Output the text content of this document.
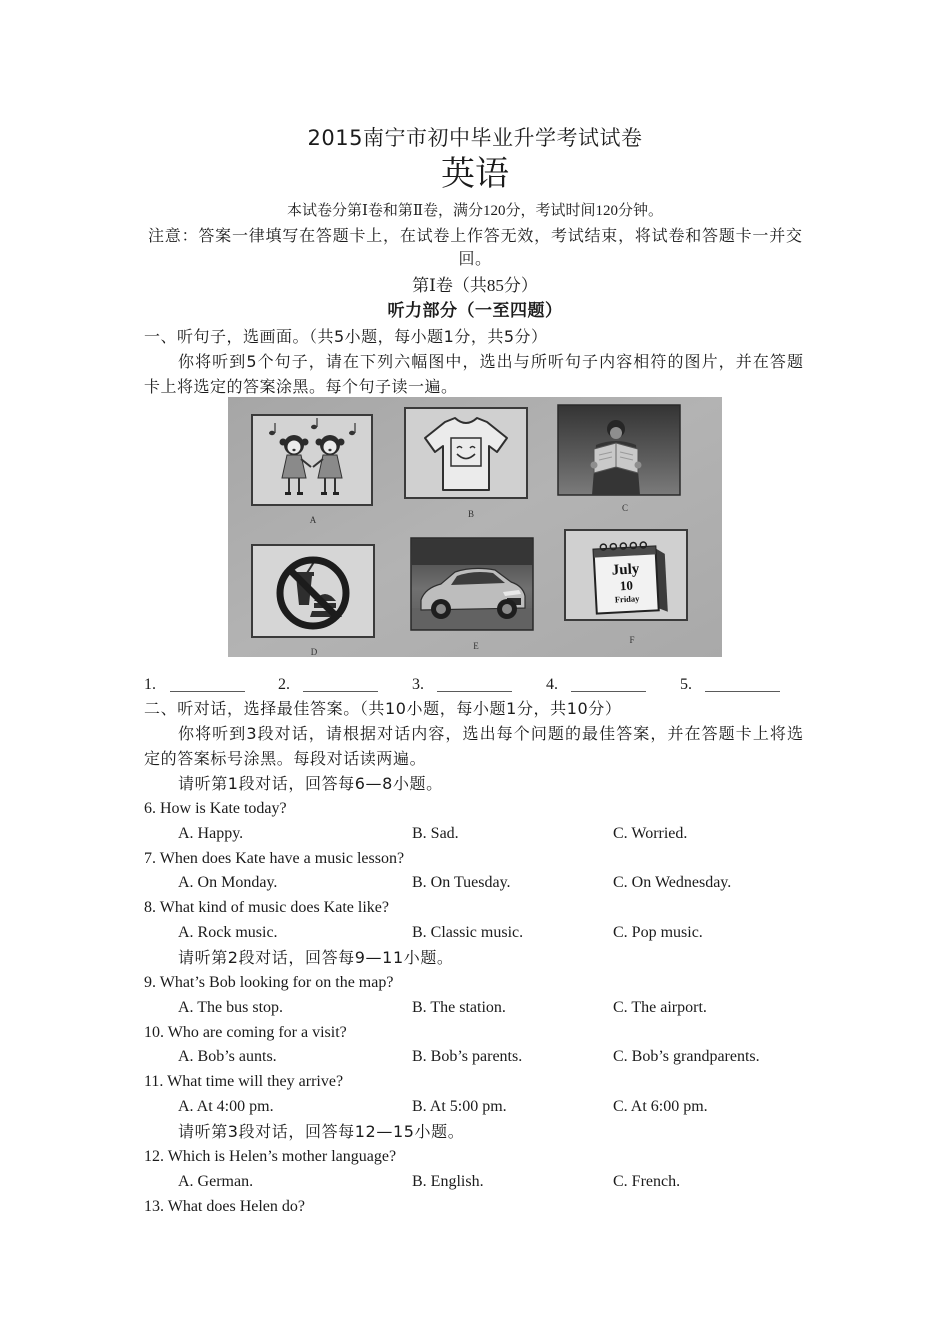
2015南宁市初中毕业升学考试试卷
英语
本试卷分第Ⅰ卷和第Ⅱ卷，满分120分，考试时间120分钟。
注意：答案一律填写在答题卡上，在试卷上作答无效，考试结束，将试卷和答题卡一并交
回。
第Ⅰ卷（共85分）
听力部分（一至四题）
一、听句子，选画面。（共5小题，每小题1分，共5分）
你将听到5个句子，请在下列六幅图中，选出与所听句子内容相符的图片，并在答题
卡上将选定的答案涂黑。每个句子读一遍。
July
10
Friday
A
B
C
D
E
F
1.	2.	3.	4.	5.
二、听对话，选择最佳答案。（共10小题，每小题1分，共10分）
你将听到3段对话，请根据对话内容，选出每个问题的最佳答案，并在答题卡上将选
定的答案标号涂黑。每段对话读两遍。
请听第1段对话，回答每6—8小题。
6. How is Kate today?
A. Happy.	B. Sad.	C. Worried.
7. When does Kate have a music lesson?
A. On Monday.	B. On Tuesday.	C. On Wednesday.
8. What kind of music does Kate like?
A. Rock music.	B. Classic music.	C. Pop music.
请听第2段对话，回答每9—11小题。
9. What’s Bob looking for on the map?
A. The bus stop.	B. The station.	C. The airport.
10. Who are coming for a visit?
A. Bob’s aunts.	B. Bob’s parents.	C. Bob’s grandparents.
11. What time will they arrive?
A. At 4:00 pm.	B. At 5:00 pm.	C. At 6:00 pm.
请听第3段对话，回答每12—15小题。
12. Which is Helen’s mother language?
A. German.	B. English.	C. French.
13. What does Helen do?
